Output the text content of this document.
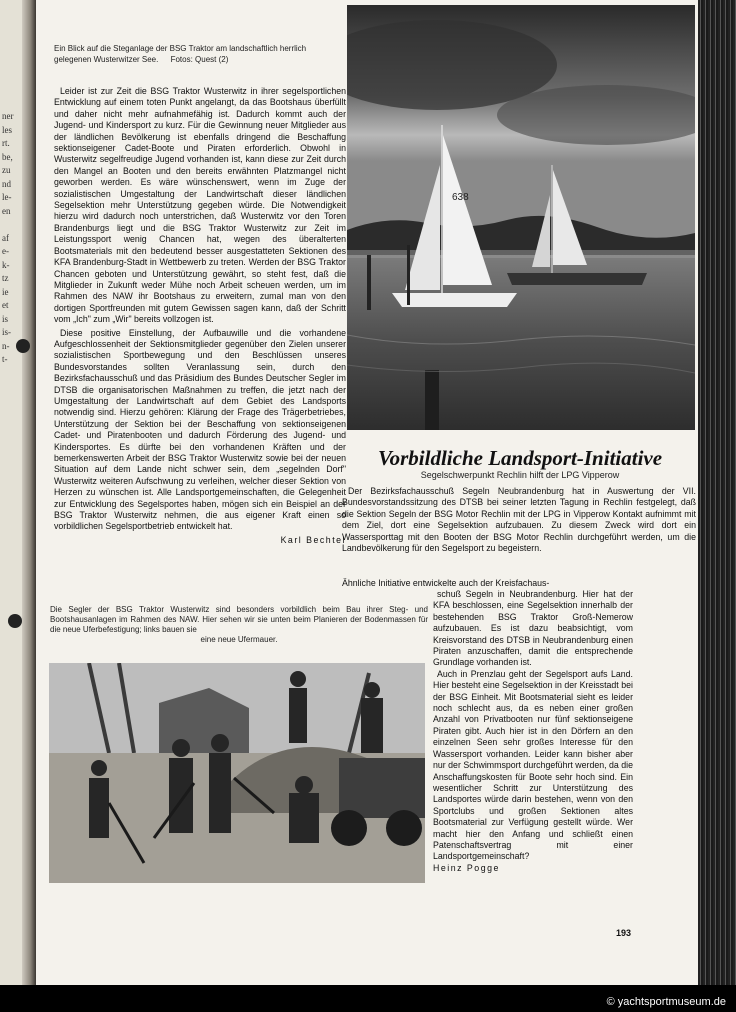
ner
les
rt.
be,
zu
nd
le-
en

af
e-
k-
tz
ie
et
is
is-
n-
t-
Ein Blick auf die Steganlage der BSG Traktor am landschaftlich herrlich gelegenen Wusterwitzer See. Fotos: Quest (2)

Leider ist zur Zeit die BSG Traktor Wusterwitz in ihrer segelsportlichen Entwicklung auf einem toten Punkt angelangt, da das Bootshaus überfüllt und daher nicht mehr aufnahmefähig ist. Dadurch kommt auch der Jugend- und Kindersport zu kurz. Für die Gewinnung neuer Mitglieder aus der ländlichen Bevölkerung ist ebenfalls dringend die Beschaffung sektionseigener Cadet-Boote und Piraten erforderlich. Obwohl in Wusterwitz segelfreudige Jugend vorhanden ist, kann diese zur Zeit durch den Mangel an Booten und den bereits erwähnten Platzmangel nicht geworben werden. Es wäre wünschenswert, wenn im Zuge der sozialistischen Umgestaltung der Landwirtschaft dieser ländlichen Segelsektion mehr Unterstützung gegeben würde. Die Notwendigkeit hierzu wird dadurch noch unterstrichen, daß Wusterwitz vor den Toren Brandenburgs liegt und die BSG Traktor Wusterwitz zur Zeit im Leistungssport wenig Chancen hat, wegen des überalterten Bootsmaterials mit den bedeutend besser ausgestatteten Sektionen des KFA Brandenburg-Stadt in Wettbewerb zu treten. Werden der BSG Traktor Chancen geboten und Unterstützung gewährt, so steht fest, daß die Mitglieder in Zukunft weder Mühe noch Arbeit scheuen werden, um im Rahmen des NAW ihr Bootshaus zu erweitern, zumal man von den dortigen Sportfreunden mit gutem Gewissen sagen kann, daß der Schritt vom „Ich" zum „Wir" bereits vollzogen ist.

Diese positive Einstellung, der Aufbauwille und die vorhandene Aufgeschlossenheit der Sektionsmitglieder gegenüber den Zielen unserer sozialistischen Sportbewegung und den Beschlüssen unseres Bundesvorstandes sollten Veranlassung sein, durch den Bezirksfachausschuß und das Präsidium des Bundes Deutscher Segler im DTSB die organisatorischen Maßnahmen zu treffen, die jetzt nach der Umgestaltung der Landwirtschaft auf dem Gebiet des Landsports notwendig sind. Hierzu gehören: Klärung der Frage des Trägerbetriebes, Unterstützung der Sektion bei der Beschaffung von sektionseigenen Cadet- und Piratenbooten und dadurch Förderung des Jugend- und Kindersportes. Es dürfte bei den vorhandenen Kräften und der bemerkenswerten Arbeit der BSG Traktor Wusterwitz sowie bei der neuen Situation auf dem Lande nicht schwer sein, dem „segelnden Dorf" Wusterwitz weiteren Aufschwung zu verleihen, welcher dieser Sektion von Herzen zu wünschen ist. Alle Landsportgemeinschaften, die Gelegenheit zur Entwicklung des Segelsportes haben, mögen sich ein Beispiel an der BSG Traktor Wusterwitz nehmen, die aus eigener Kraft einen so vorbildlichen Segelsportbetrieb entwickelt hat.

Karl Bechtel
638
Vorbildliche Landsport-Initiative
Segelschwerpunkt Rechlin hilft der LPG Vipperow

Der Bezirksfachausschuß Segeln Neubrandenburg hat in Auswertung der VII. Bundesvorstandssitzung des DTSB bei seiner letzten Tagung in Rechlin festgelegt, daß die Sektion Segeln der BSG Motor Rechlin mit der LPG in Vipperow Kontakt aufnimmt mit dem Ziel, dort eine Segelsektion aufzubauen. Zu diesem Zweck wird dort ein Wassersporttag mit den Booten der BSG Motor Rechlin durchgeführt werden, um die Landbevölkerung für den Segelsport zu begeistern.

Ähnliche Initiative entwickelte auch der Kreisfachaus-

Die Segler der BSG Traktor Wusterwitz sind besonders vorbildlich beim Bau ihrer Steg- und Bootshausanlagen im Rahmen des NAW. Hier sehen wir sie unten beim Planieren der Bodenmassen für die neue Uferbefestigung; links bauen sie
eine neue Ufermauer.

schuß Segeln in Neubrandenburg. Hier hat der KFA beschlossen, eine Segelsektion innerhalb der bestehenden BSG Traktor Groß-Nemerow aufzubauen. Es ist dazu beabsichtigt, vom Kreisvorstand des DTSB in Neubrandenburg einen Piraten anzuschaffen, damit die entsprechende Grundlage vorhanden ist.

Auch in Prenzlau geht der Segelsport aufs Land. Hier besteht eine Segelsektion in der Kreisstadt bei der BSG Einheit. Mit Bootsmaterial sieht es leider noch schlecht aus, da es neben einer großen Anzahl von Privatbooten nur fünf sektionseigene Piraten gibt. Auch hier ist in den Dörfern an den einzelnen Seen sehr großes Interesse für den Wassersport vorhanden. Leider kann bisher aber nur der Schwimmsport durchgeführt werden, da die Anschaffungskosten für Boote sehr hoch sind. Ein wesentlicher Schritt zur Unterstützung des Landsportes würde darin bestehen, wenn von den Sportclubs und großen Sektionen altes Bootsmaterial zur Verfügung gestellt würde. Wer macht hier den Anfang und schließt einen Patenschaftsvertrag mit einer Landsportgemeinschaft?

Heinz Pogge
193
© yachtsportmuseum.de
